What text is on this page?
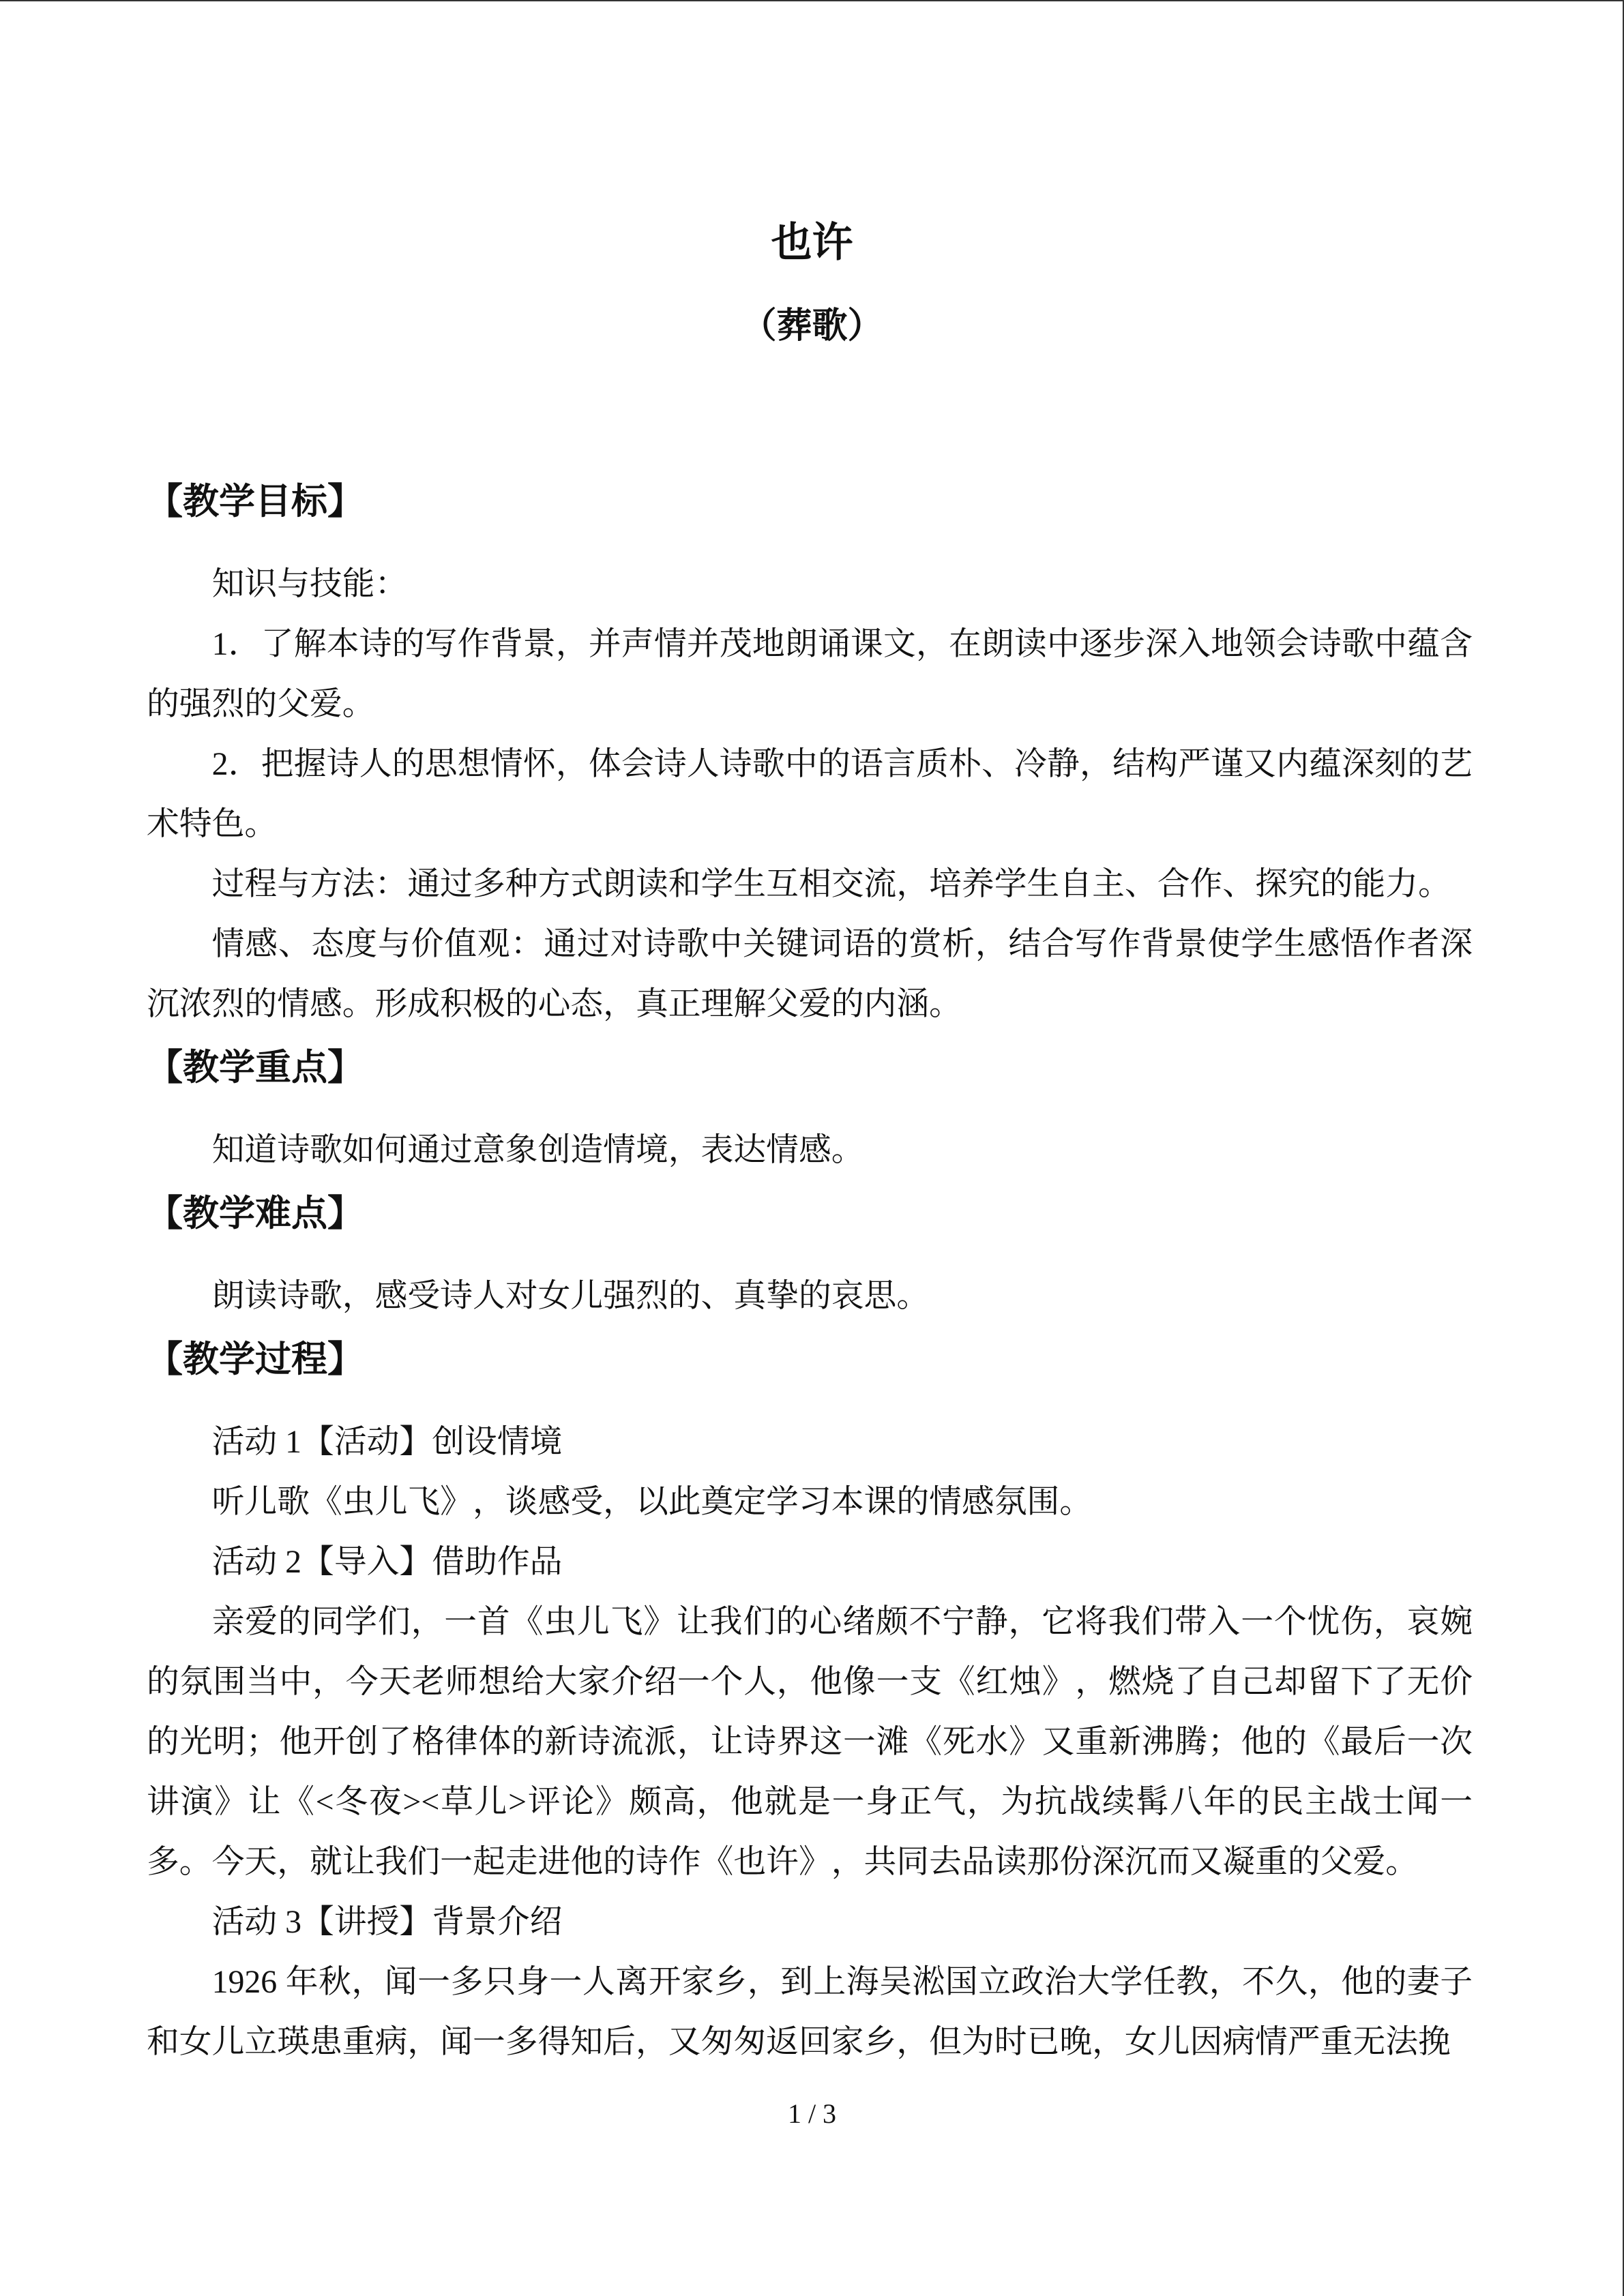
也许
（葬歌）
【教学目标】

知识与技能：

1．了解本诗的写作背景，并声情并茂地朗诵课文，在朗读中逐步深入地领会诗歌中蕴含的强烈的父爱。

2．把握诗人的思想情怀，体会诗人诗歌中的语言质朴、冷静，结构严谨又内蕴深刻的艺术特色。

过程与方法：通过多种方式朗读和学生互相交流，培养学生自主、合作、探究的能力。

情感、态度与价值观：通过对诗歌中关键词语的赏析，结合写作背景使学生感悟作者深沉浓烈的情感。形成积极的心态，真正理解父爱的内涵。

【教学重点】

知道诗歌如何通过意象创造情境，表达情感。

【教学难点】

朗读诗歌，感受诗人对女儿强烈的、真挚的哀思。

【教学过程】

活动 1【活动】创设情境

听儿歌《虫儿飞》，谈感受，以此奠定学习本课的情感氛围。

活动 2【导入】借助作品

亲爱的同学们，一首《虫儿飞》让我们的心绪颇不宁静，它将我们带入一个忧伤，哀婉的氛围当中，今天老师想给大家介绍一个人，他像一支《红烛》，燃烧了自己却留下了无价的光明；他开创了格律体的新诗流派，让诗界这一滩《死水》又重新沸腾；他的《最后一次讲演》让《<冬夜><草儿>评论》颇高，他就是一身正气，为抗战续髯八年的民主战士闻一多。今天，就让我们一起走进他的诗作《也许》，共同去品读那份深沉而又凝重的父爱。

活动 3【讲授】背景介绍

1926 年秋，闻一多只身一人离开家乡，到上海吴淞国立政治大学任教，不久，他的妻子和女儿立瑛患重病，闻一多得知后，又匆匆返回家乡，但为时已晚，女儿因病情严重无法挽

1 / 3
